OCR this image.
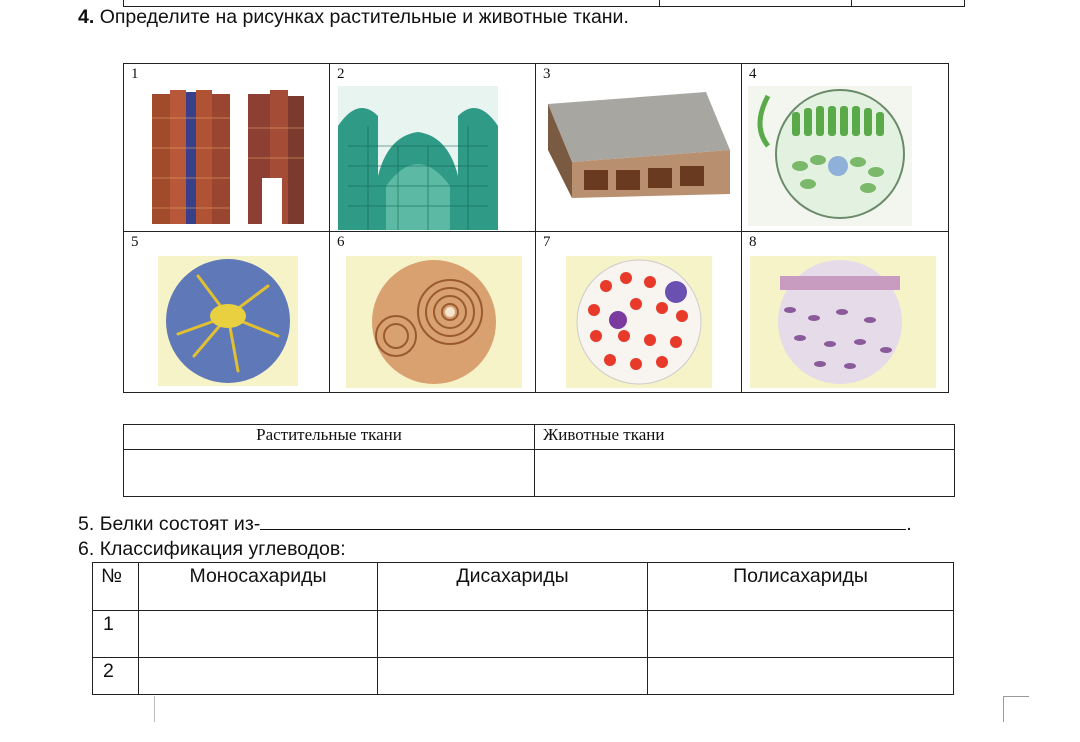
4. Определите на рисунках растительные и животные ткани.
1	2	3	4
5	6	7	8
Растительные ткани	Животные ткани

5. Белки состоят из-	.
6. Классификация углеводов:
№	Моносахариды	Дисахариды	Полисахариды
1			
2			
